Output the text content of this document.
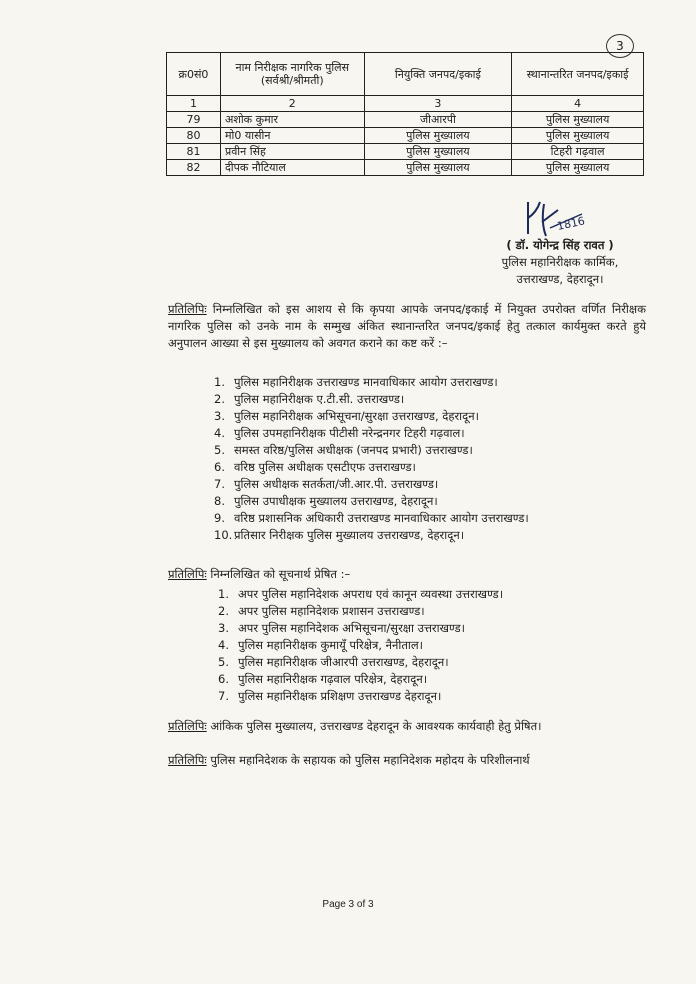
3
क्र0सं0	नाम निरीक्षक नागरिक पुलिस (सर्वश्री/श्रीमती)	नियुक्ति जनपद/इकाई	स्थानान्तरित जनपद/इकाई
1	2	3	4
79	अशोक कुमार	जीआरपी	पुलिस मुख्यालय
80	मो0 यासीन	पुलिस मुख्यालय	पुलिस मुख्यालय
81	प्रवीन सिंह	पुलिस मुख्यालय	टिहरी गढ़वाल
82	दीपक नौटियाल	पुलिस मुख्यालय	पुलिस मुख्यालय
1816
( डॉ. योगेन्द्र सिंह रावत )
पुलिस महानिरीक्षक कार्मिक,
उत्तराखण्ड, देहरादून।
प्रतिलिपिः निम्नलिखित को इस आशय से कि कृपया आपके जनपद/इकाई में नियुक्त उपरोक्त वर्णित निरीक्षक नागरिक पुलिस को उनके नाम के सम्मुख अंकित स्थानान्तरित जनपद/इकाई हेतु तत्काल कार्यमुक्त करते हुये अनुपालन आख्या से इस मुख्यालय को अवगत कराने का कष्ट करें :–
1. पुलिस महानिरीक्षक उत्तराखण्ड मानवाधिकार आयोग उत्तराखण्ड।
2. पुलिस महानिरीक्षक ए.टी.सी. उत्तराखण्ड।
3. पुलिस महानिरीक्षक अभिसूचना/सुरक्षा उत्तराखण्ड, देहरादून।
4. पुलिस उपमहानिरीक्षक पीटीसी नरेन्द्रनगर टिहरी गढ़वाल।
5. समस्त वरिष्ठ/पुलिस अधीक्षक (जनपद प्रभारी) उत्तराखण्ड।
6. वरिष्ठ पुलिस अधीक्षक एसटीएफ उत्तराखण्ड।
7. पुलिस अधीक्षक सतर्कता/जी.आर.पी. उत्तराखण्ड।
8. पुलिस उपाधीक्षक मुख्यालय उत्तराखण्ड, देहरादून।
9. वरिष्ठ प्रशासनिक अधिकारी उत्तराखण्ड मानवाधिकार आयोग उत्तराखण्ड।
10. प्रतिसार निरीक्षक पुलिस मुख्यालय उत्तराखण्ड, देहरादून।
प्रतिलिपिः निम्नलिखित को सूचनार्थ प्रेषित :–
1. अपर पुलिस महानिदेशक अपराध एवं कानून व्यवस्था उत्तराखण्ड।
2. अपर पुलिस महानिदेशक प्रशासन उत्तराखण्ड।
3. अपर पुलिस महानिदेशक अभिसूचना/सुरक्षा उत्तराखण्ड।
4. पुलिस महानिरीक्षक कुमायूँ परिक्षेत्र, नैनीताल।
5. पुलिस महानिरीक्षक जीआरपी उत्तराखण्ड, देहरादून।
6. पुलिस महानिरीक्षक गढ़वाल परिक्षेत्र, देहरादून।
7. पुलिस महानिरीक्षक प्रशिक्षण उत्तराखण्ड देहरादून।
प्रतिलिपिः आंकिक पुलिस मुख्यालय, उत्तराखण्ड देहरादून के आवश्यक कार्यवाही हेतु प्रेषित।
प्रतिलिपिः पुलिस महानिदेशक के सहायक को पुलिस महानिदेशक महोदय के परिशीलनार्थ
Page 3 of 3
